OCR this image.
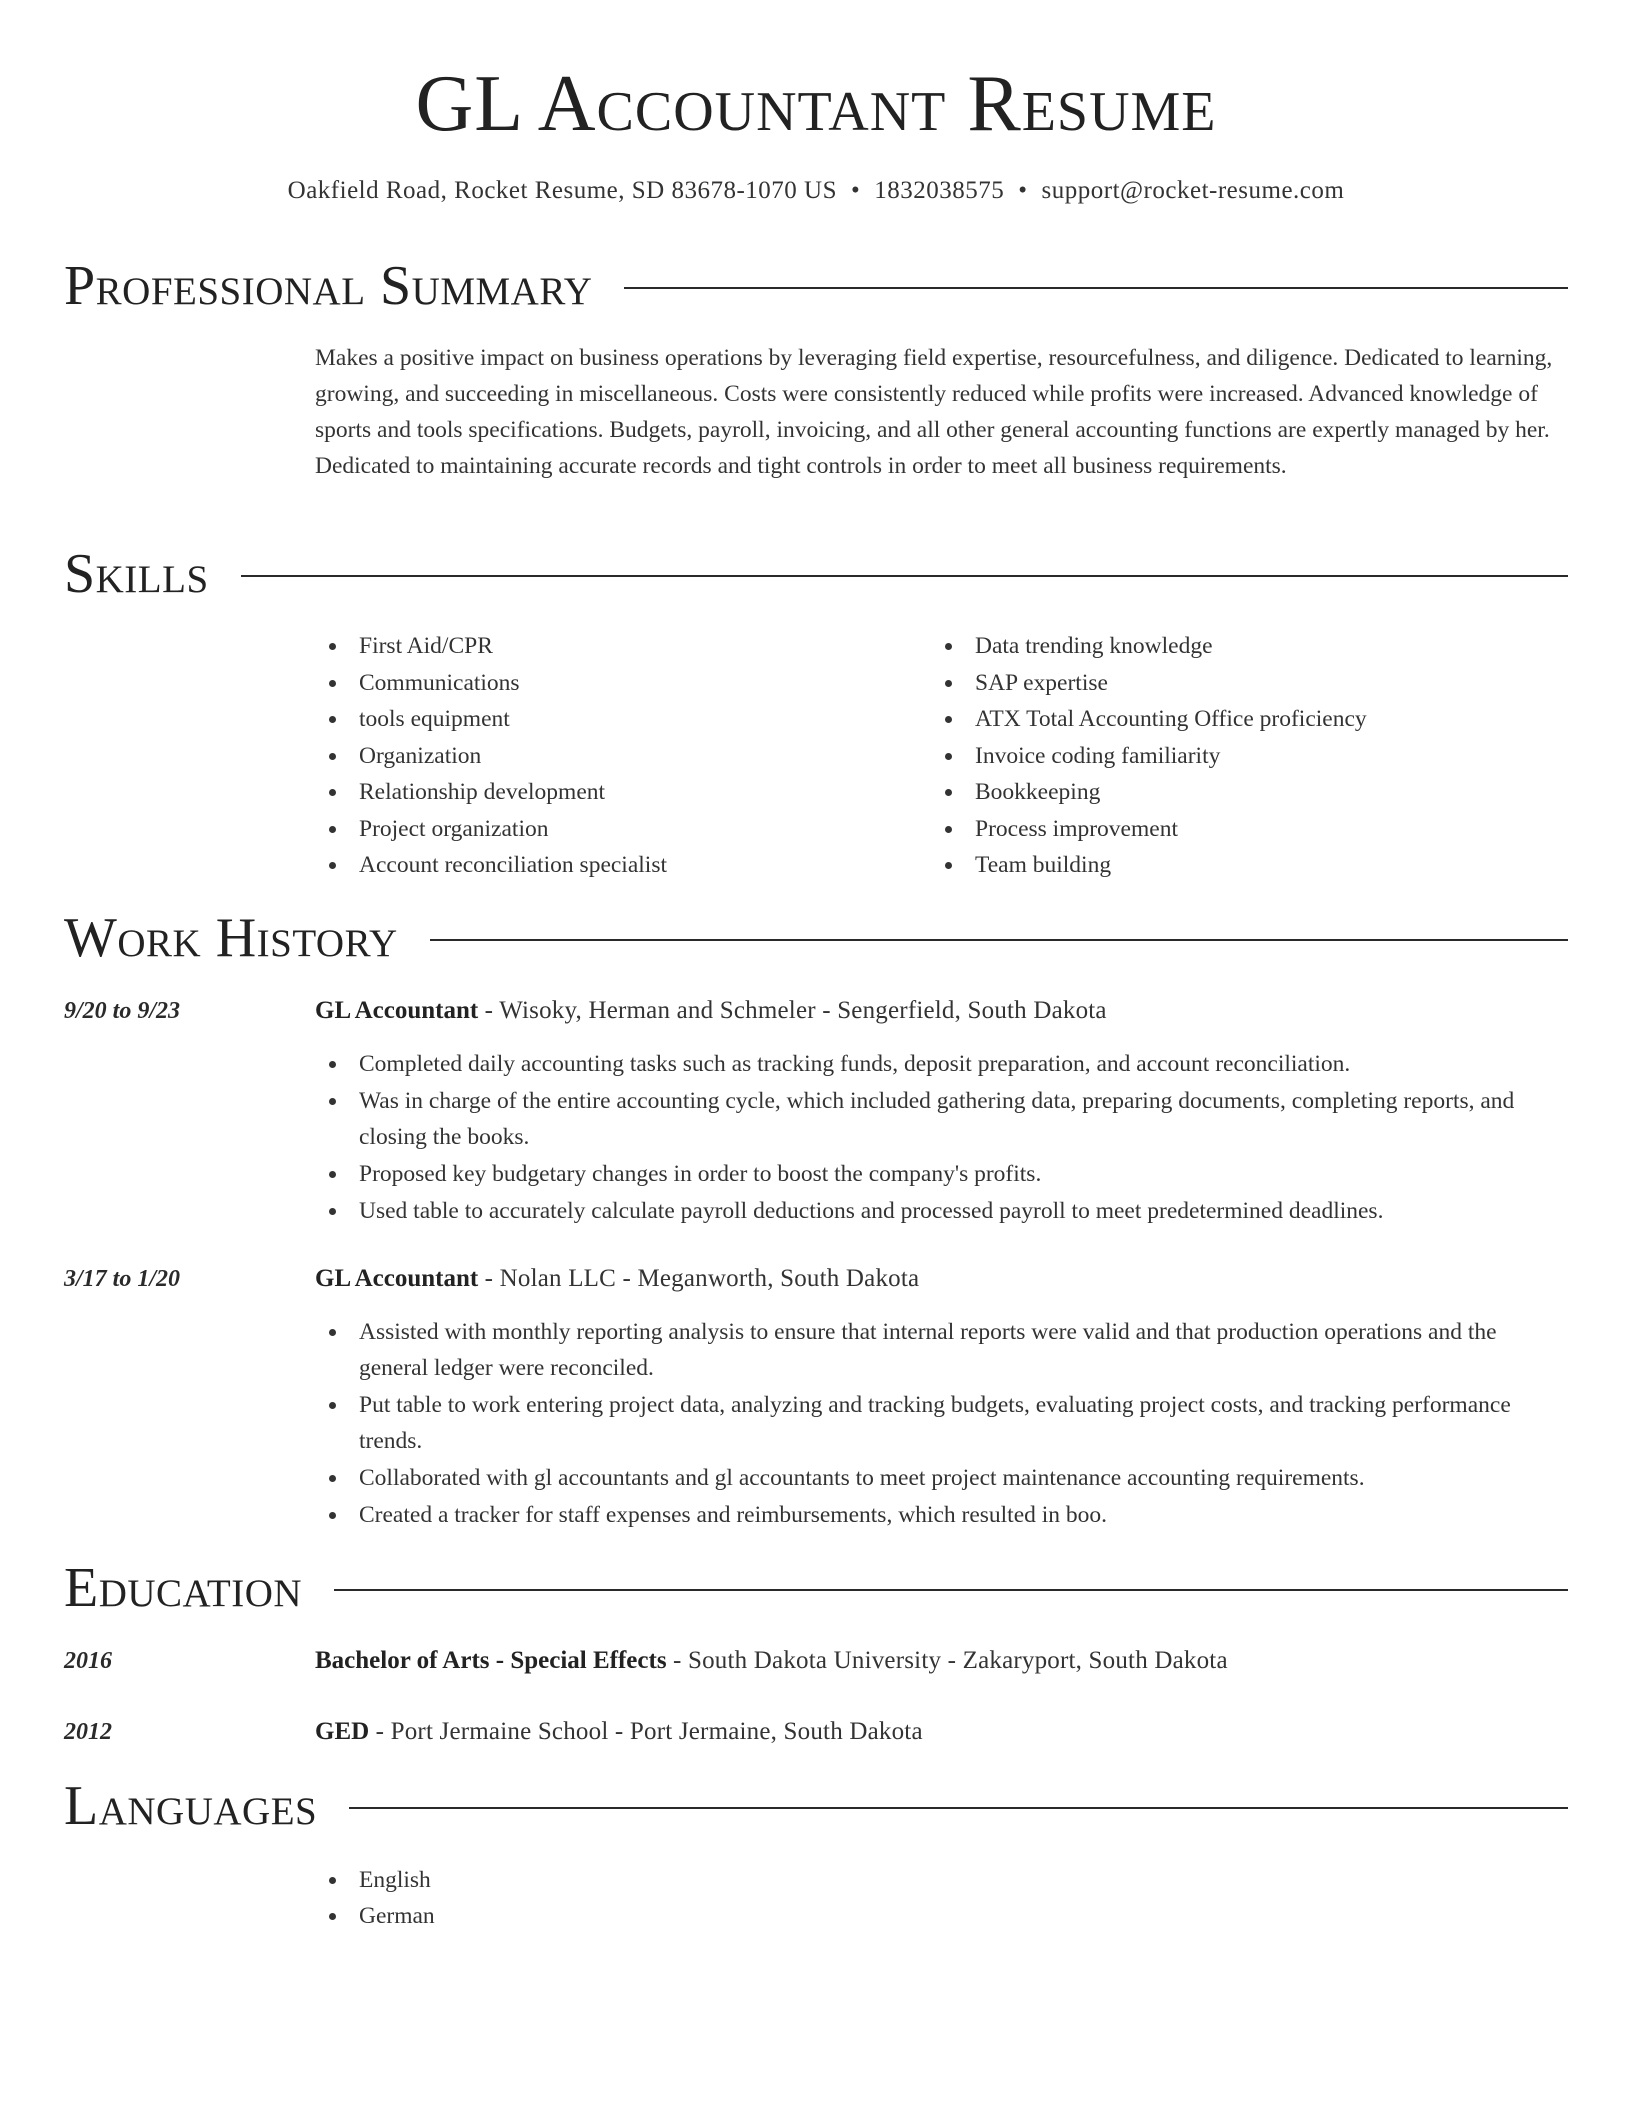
GL Accountant Resume
Oakfield Road, Rocket Resume, SD 83678-1070 US • 1832038575 • support@rocket-resume.com
Professional Summary

Makes a positive impact on business operations by leveraging field expertise, resourcefulness, and diligence. Dedicated to learning, growing, and succeeding in miscellaneous. Costs were consistently reduced while profits were increased. Advanced knowledge of sports and tools specifications. Budgets, payroll, invoicing, and all other general accounting functions are expertly managed by her. Dedicated to maintaining accurate records and tight controls in order to meet all business requirements.

Skills
First Aid/CPR
Communications
tools equipment
Organization
Relationship development
Project organization
Account reconciliation specialist
Data trending knowledge
SAP expertise
ATX Total Accounting Office proficiency
Invoice coding familiarity
Bookkeeping
Process improvement
Team building
Work History
9/20 to 9/23	GL Accountant - Wisoky, Herman and Schmeler - Sengerfield, South Dakota
Completed daily accounting tasks such as tracking funds, deposit preparation, and account reconciliation.
Was in charge of the entire accounting cycle, which included gathering data, preparing documents, completing reports, and closing the books.
Proposed key budgetary changes in order to boost the company's profits.
Used table to accurately calculate payroll deductions and processed payroll to meet predetermined deadlines.
3/17 to 1/20	GL Accountant - Nolan LLC - Meganworth, South Dakota
Assisted with monthly reporting analysis to ensure that internal reports were valid and that production operations and the general ledger were reconciled.
Put table to work entering project data, analyzing and tracking budgets, evaluating project costs, and tracking performance trends.
Collaborated with gl accountants and gl accountants to meet project maintenance accounting requirements.
Created a tracker for staff expenses and reimbursements, which resulted in boo.
Education
2016	Bachelor of Arts - Special Effects - South Dakota University - Zakaryport, South Dakota
2012	GED - Port Jermaine School - Port Jermaine, South Dakota
Languages
English
German
